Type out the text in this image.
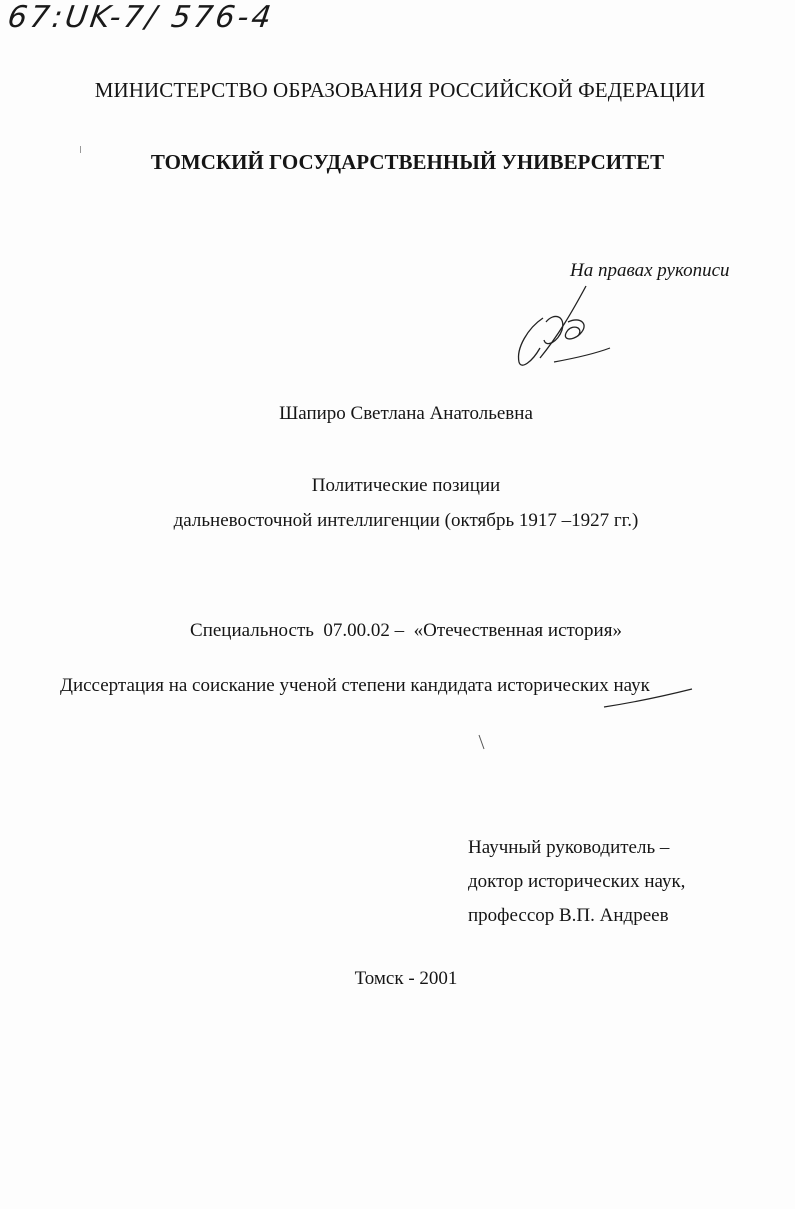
67:UK-7/ 576-4
МИНИСТЕРСТВО ОБРАЗОВАНИЯ РОССИЙСКОЙ ФЕДЕРАЦИИ
ТОМСКИЙ ГОСУДАРСТВЕННЫЙ УНИВЕРСИТЕТ
На правах рукописи
Шапиро Светлана Анатольевна
Политические позиции
дальневосточной интеллигенции (октябрь 1917 –1927 гг.)
Специальность  07.00.02 –  «Отечественная история»
Диссертация на соискание ученой степени кандидата исторических наук
Научный руководитель –
доктор исторических наук,
профессор В.П. Андреев
Томск - 2001
